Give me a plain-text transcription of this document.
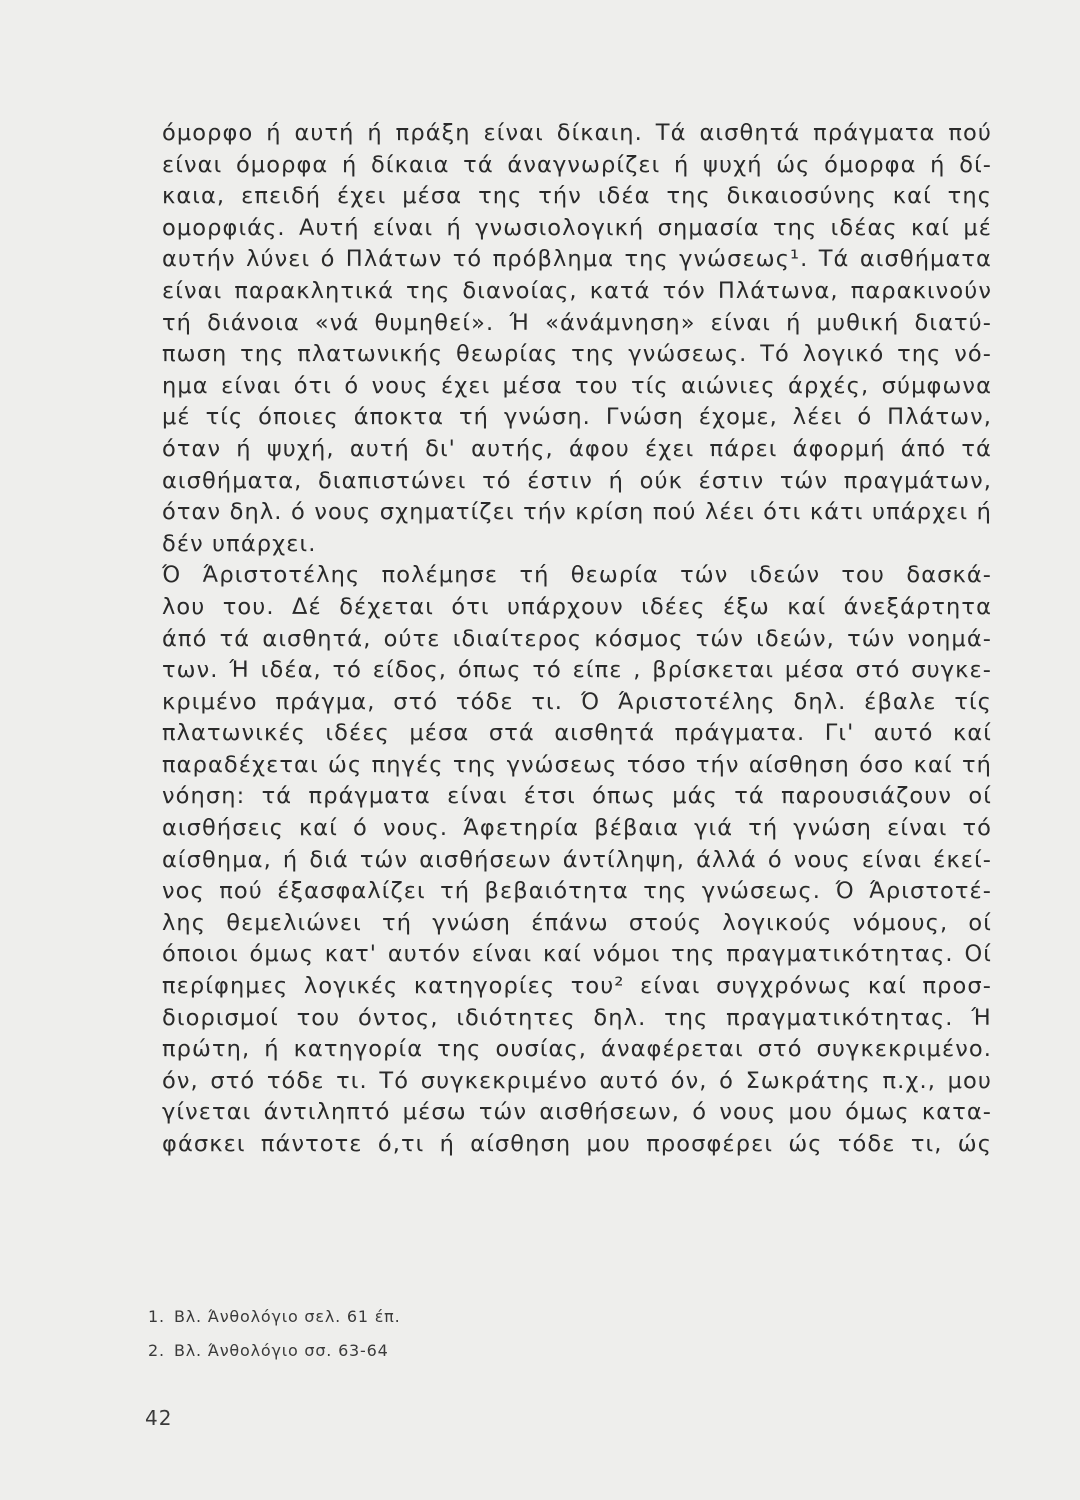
όμορφο ή αυτή ή πράξη είναι δίκαιη. Τά αισθητά πράγματα πού
είναι όμορφα ή δίκαια τά άναγνωρίζει ή ψυχή ώς όμορφα ή δί-
καια, επειδή έχει μέσα της τήν ιδέα της δικαιοσύνης καί της
ομορφιάς. Αυτή είναι ή γνωσιολογική σημασία της ιδέας καί μέ
αυτήν λύνει ό Πλάτων τό πρόβλημα της γνώσεως¹. Τά αισθήματα
είναι παρακλητικά της διανοίας, κατά τόν Πλάτωνα, παρακινούν
τή διάνοια «νά θυμηθεί». Ή «άνάμνηση» είναι ή μυθική διατύ-
πωση της πλατωνικής θεωρίας της γνώσεως. Τό λογικό της νό-
ημα είναι ότι ό νους έχει μέσα του τίς αιώνιες άρχές, σύμφωνα
μέ τίς όποιες άποκτα τή γνώση. Γνώση έχομε, λέει ό Πλάτων,
όταν ή ψυχή, αυτή δι' αυτής, άφου έχει πάρει άφορμή άπό τά
αισθήματα, διαπιστώνει τό έστιν ή ούκ έστιν τών πραγμάτων,
όταν δηλ. ό νους σχηματίζει τήν κρίση πού λέει ότι κάτι υπάρχει ή
δέν υπάρχει.
Ό Άριστοτέλης πολέμησε τή θεωρία τών ιδεών του δασκά-
λου του. Δέ δέχεται ότι υπάρχουν ιδέες έξω καί άνεξάρτητα
άπό τά αισθητά, ούτε ιδιαίτερος κόσμος τών ιδεών, τών νοημά-
των. Ή ιδέα, τό είδος, όπως τό είπε , βρίσκεται μέσα στό συγκε-
κριμένο πράγμα, στό τόδε τι. Ό Άριστοτέλης δηλ. έβαλε τίς
πλατωνικές ιδέες μέσα στά αισθητά πράγματα. Γι' αυτό καί
παραδέχεται ώς πηγές της γνώσεως τόσο τήν αίσθηση όσο καί τή
νόηση: τά πράγματα είναι έτσι όπως μάς τά παρουσιάζουν οί
αισθήσεις καί ό νους. Άφετηρία βέβαια γιά τή γνώση είναι τό
αίσθημα, ή διά τών αισθήσεων άντίληψη, άλλά ό νους είναι έκεί-
νος πού έξασφαλίζει τή βεβαιότητα της γνώσεως. Ό Άριστοτέ-
λης θεμελιώνει τή γνώση έπάνω στούς λογικούς νόμους, οί
όποιοι όμως κατ' αυτόν είναι καί νόμοι της πραγματικότητας. Οί
περίφημες λογικές κατηγορίες του² είναι συγχρόνως καί προσ-
διορισμοί του όντος, ιδιότητες δηλ. της πραγματικότητας. Ή
πρώτη, ή κατηγορία της ουσίας, άναφέρεται στό συγκεκριμένο.
όν, στό τόδε τι. Τό συγκεκριμένο αυτό όν, ό Σωκράτης π.χ., μου
γίνεται άντιληπτό μέσω τών αισθήσεων, ό νους μου όμως κατα-
φάσκει πάντοτε ό,τι ή αίσθηση μου προσφέρει ώς τόδε τι, ώς
1. Βλ. Άνθολόγιο σελ. 61 έπ.
2. Βλ. Άνθολόγιο σσ. 63-64
42
